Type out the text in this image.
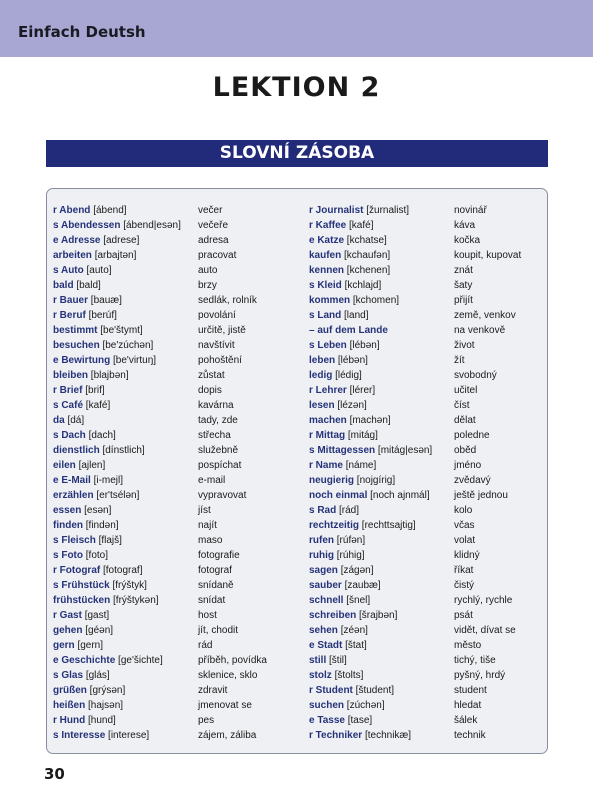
Einfach Deutsh
LEKTION 2
SLOVNÍ ZÁSOBA
r Abend [ábend]	večer
s Abendessen [ábend|esən] večeře
e Adresse [adrese]	adresa
arbeiten [arbajtən]	pracovat
s Auto [auto]	auto
bald [bald]	brzy
r Bauer [bauæ]	sedlák, rolník
r Beruf [berúf]	povolání
bestimmt [be'štymt]	určitě, jistě
besuchen [be'zúchən]	navštívit
e Bewirtung [be'virtuŋ]	pohoštění
bleiben [blajbən]	zůstat
r Brief [brif]	dopis
s Café [kafé]	kavárna
da [dá]	tady, zde
s Dach [dach]	střecha
dienstlich [dínstlich]	služebně
eilen [ajlen]	pospíchat
e E-Mail [i-mejl]	e-mail
erzählen [er'tsélən]	vypravovat
essen [esən]	jíst
finden [findən]	najít
s Fleisch [flajš]	maso
s Foto [foto]	fotografie
r Fotograf [fotograf]	fotograf
s Frühstück [frýštyk]	snídaně
frühstücken [frýštykən]	snídat
r Gast [gast]	host
gehen [géən]	jít, chodit
gern [gern]	rád
e Geschichte [ge'šichte]	příběh, povídka
s Glas [glás]	sklenice, sklo
grüßen [grýsən]	zdravit
heißen [hajsən]	jmenovat se
r Hund [hund]	pes
s Interesse [interese]	zájem, záliba
r Journalist [žurnalist]	novinář
r Kaffee [kafé]	káva
e Katze [kchatse]	kočka
kaufen [kchaufən]	koupit, kupovat
kennen [kchenen]	znát
s Kleid [kchlajd]	šaty
kommen [kchomen]	přijít
s Land [land]	země, venkov
– auf dem Lande	na venkově
s Leben [lébən]	život
leben [lébən]	žít
ledig [lédig]	svobodný
r Lehrer [lérer]	učitel
lesen [lézən]	číst
machen [machən]	dělat
r Mittag [mitág]	poledne
s Mittagessen [mitág|esən] oběd
r Name [náme]	jméno
neugierig [nojgírig]	zvědavý
noch einmal [noch ajnmál] ještě jednou
s Rad [rád]	kolo
rechtzeitig [rechttsajtig]	včas
rufen [rúfən]	volat
ruhig [rúhig]	klidný
sagen [zágən]	říkat
sauber [zaubæ]	čistý
schnell [šnel]	rychlý, rychle
schreiben [šrajbən]	psát
sehen [zéən]	vidět, dívat se
e Stadt [štat]	město
still [štil]	tichý, tiše
stolz [štolts]	pyšný, hrdý
r Student [študent]	student
suchen [zúchən]	hledat
e Tasse [tase]	šálek
r Techniker [technikæ]	technik
30
